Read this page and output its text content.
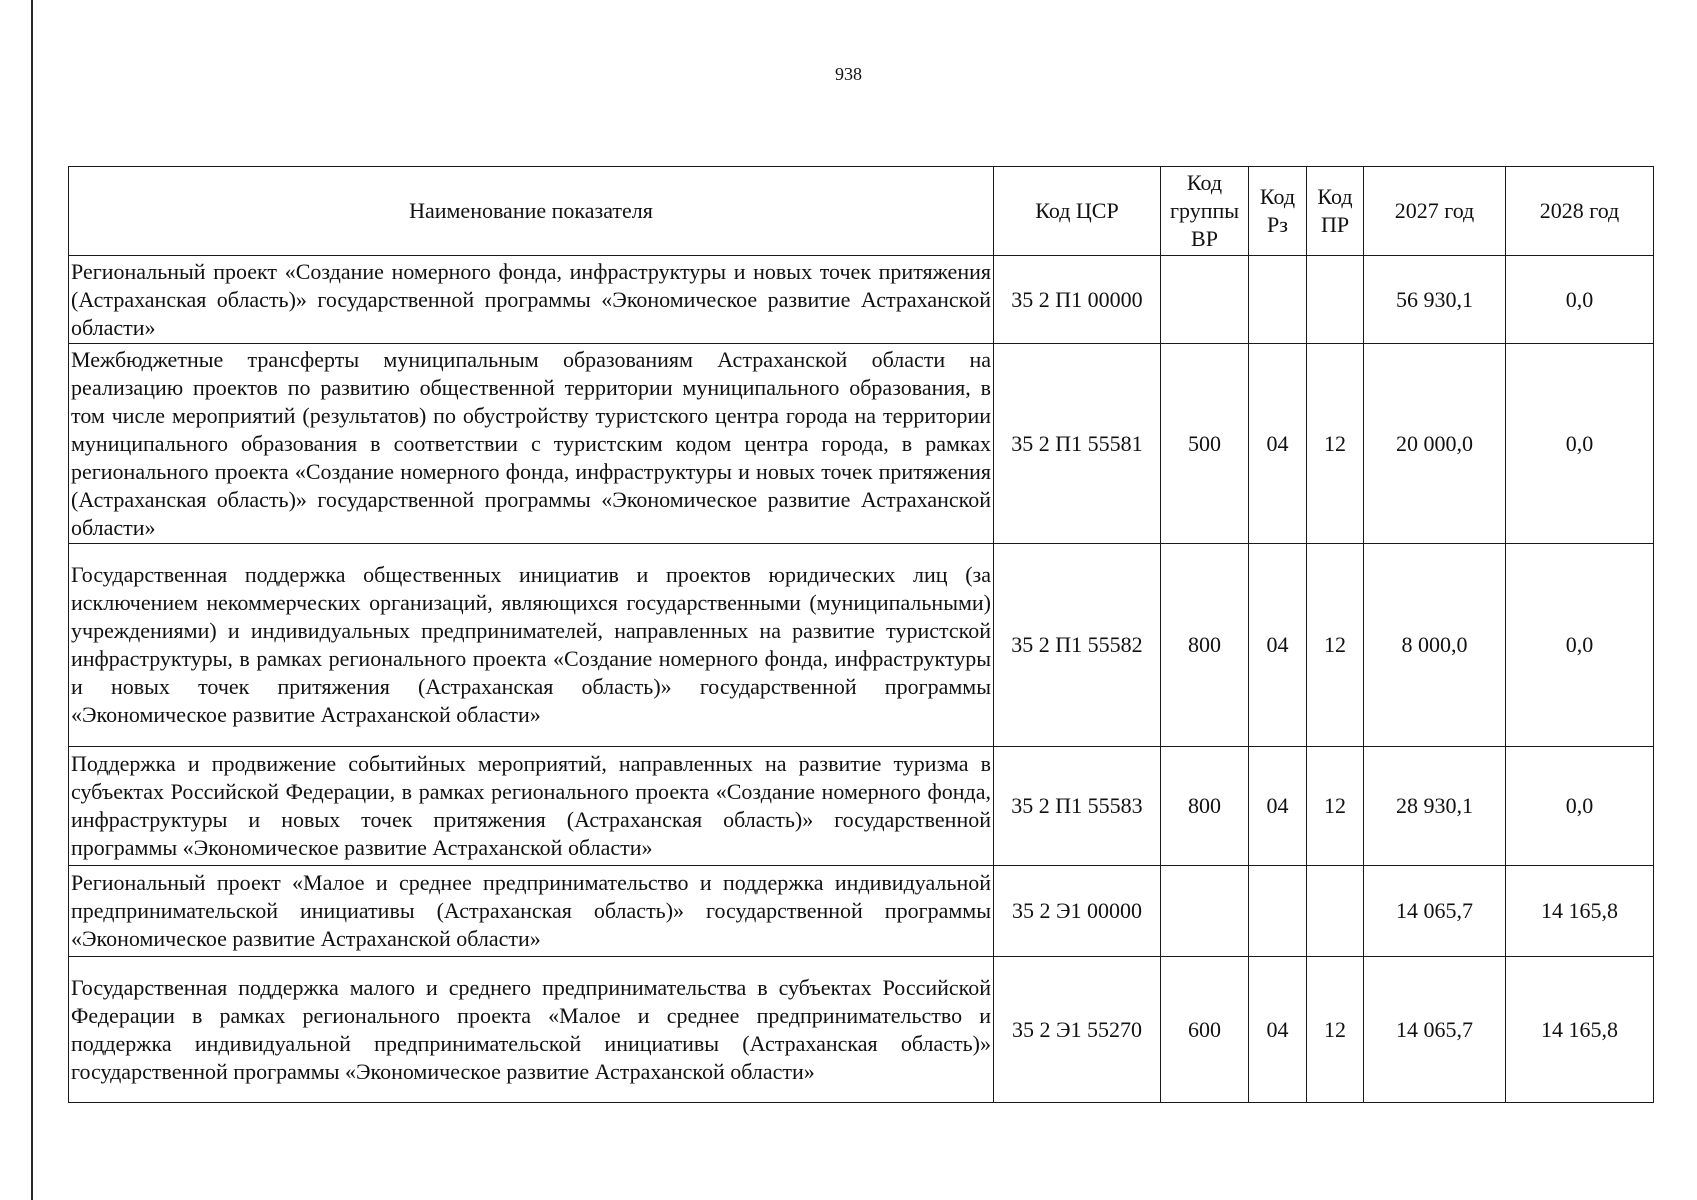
938
Наименование показателя	Код ЦСР	Код группы ВР	Код Рз	Код ПР	2027 год	2028 год
Региональный проект «Создание номерного фонда, инфраструктуры и новых точек притяжения (Астраханская область)» государственной программы «Экономическое развитие Астраханской области»	35 2 П1 00000				56 930,1	0,0
Межбюджетные трансферты муниципальным образованиям Астраханской области на реализацию проектов по развитию общественной территории муниципального образования, в том числе мероприятий (результатов) по обустройству туристского центра города на территории муниципального образования в соответствии с туристским кодом центра города, в рамках регионального проекта «Создание номерного фонда, инфраструктуры и новых точек притяжения (Астраханская область)» государственной программы «Экономическое развитие Астраханской области»	35 2 П1 55581	500	04	12	20 000,0	0,0
Государственная поддержка общественных инициатив и проектов юридических лиц (за исключением некоммерческих организаций, являющихся государственными (муниципальными) учреждениями) и индивидуальных предпринимателей, направленных на развитие туристской инфраструктуры, в рамках регионального проекта «Создание номерного фонда, инфраструктуры и новых точек притяжения (Астраханская область)» государственной программы «Экономическое развитие Астраханской области»	35 2 П1 55582	800	04	12	8 000,0	0,0
Поддержка и продвижение событийных мероприятий, направленных на развитие туризма в субъектах Российской Федерации, в рамках регионального проекта «Создание номерного фонда, инфраструктуры и новых точек притяжения (Астраханская область)» государственной программы «Экономическое развитие Астраханской области»	35 2 П1 55583	800	04	12	28 930,1	0,0
Региональный проект «Малое и среднее предпринимательство и поддержка индивидуальной предпринимательской инициативы (Астраханская область)» государственной программы «Экономическое развитие Астраханской области»	35 2 Э1 00000				14 065,7	14 165,8
Государственная поддержка малого и среднего предпринимательства в субъектах Российской Федерации в рамках регионального проекта «Малое и среднее предпринимательство и поддержка индивидуальной предпринимательской инициативы (Астраханская область)» государственной программы «Экономическое развитие Астраханской области»	35 2 Э1 55270	600	04	12	14 065,7	14 165,8
